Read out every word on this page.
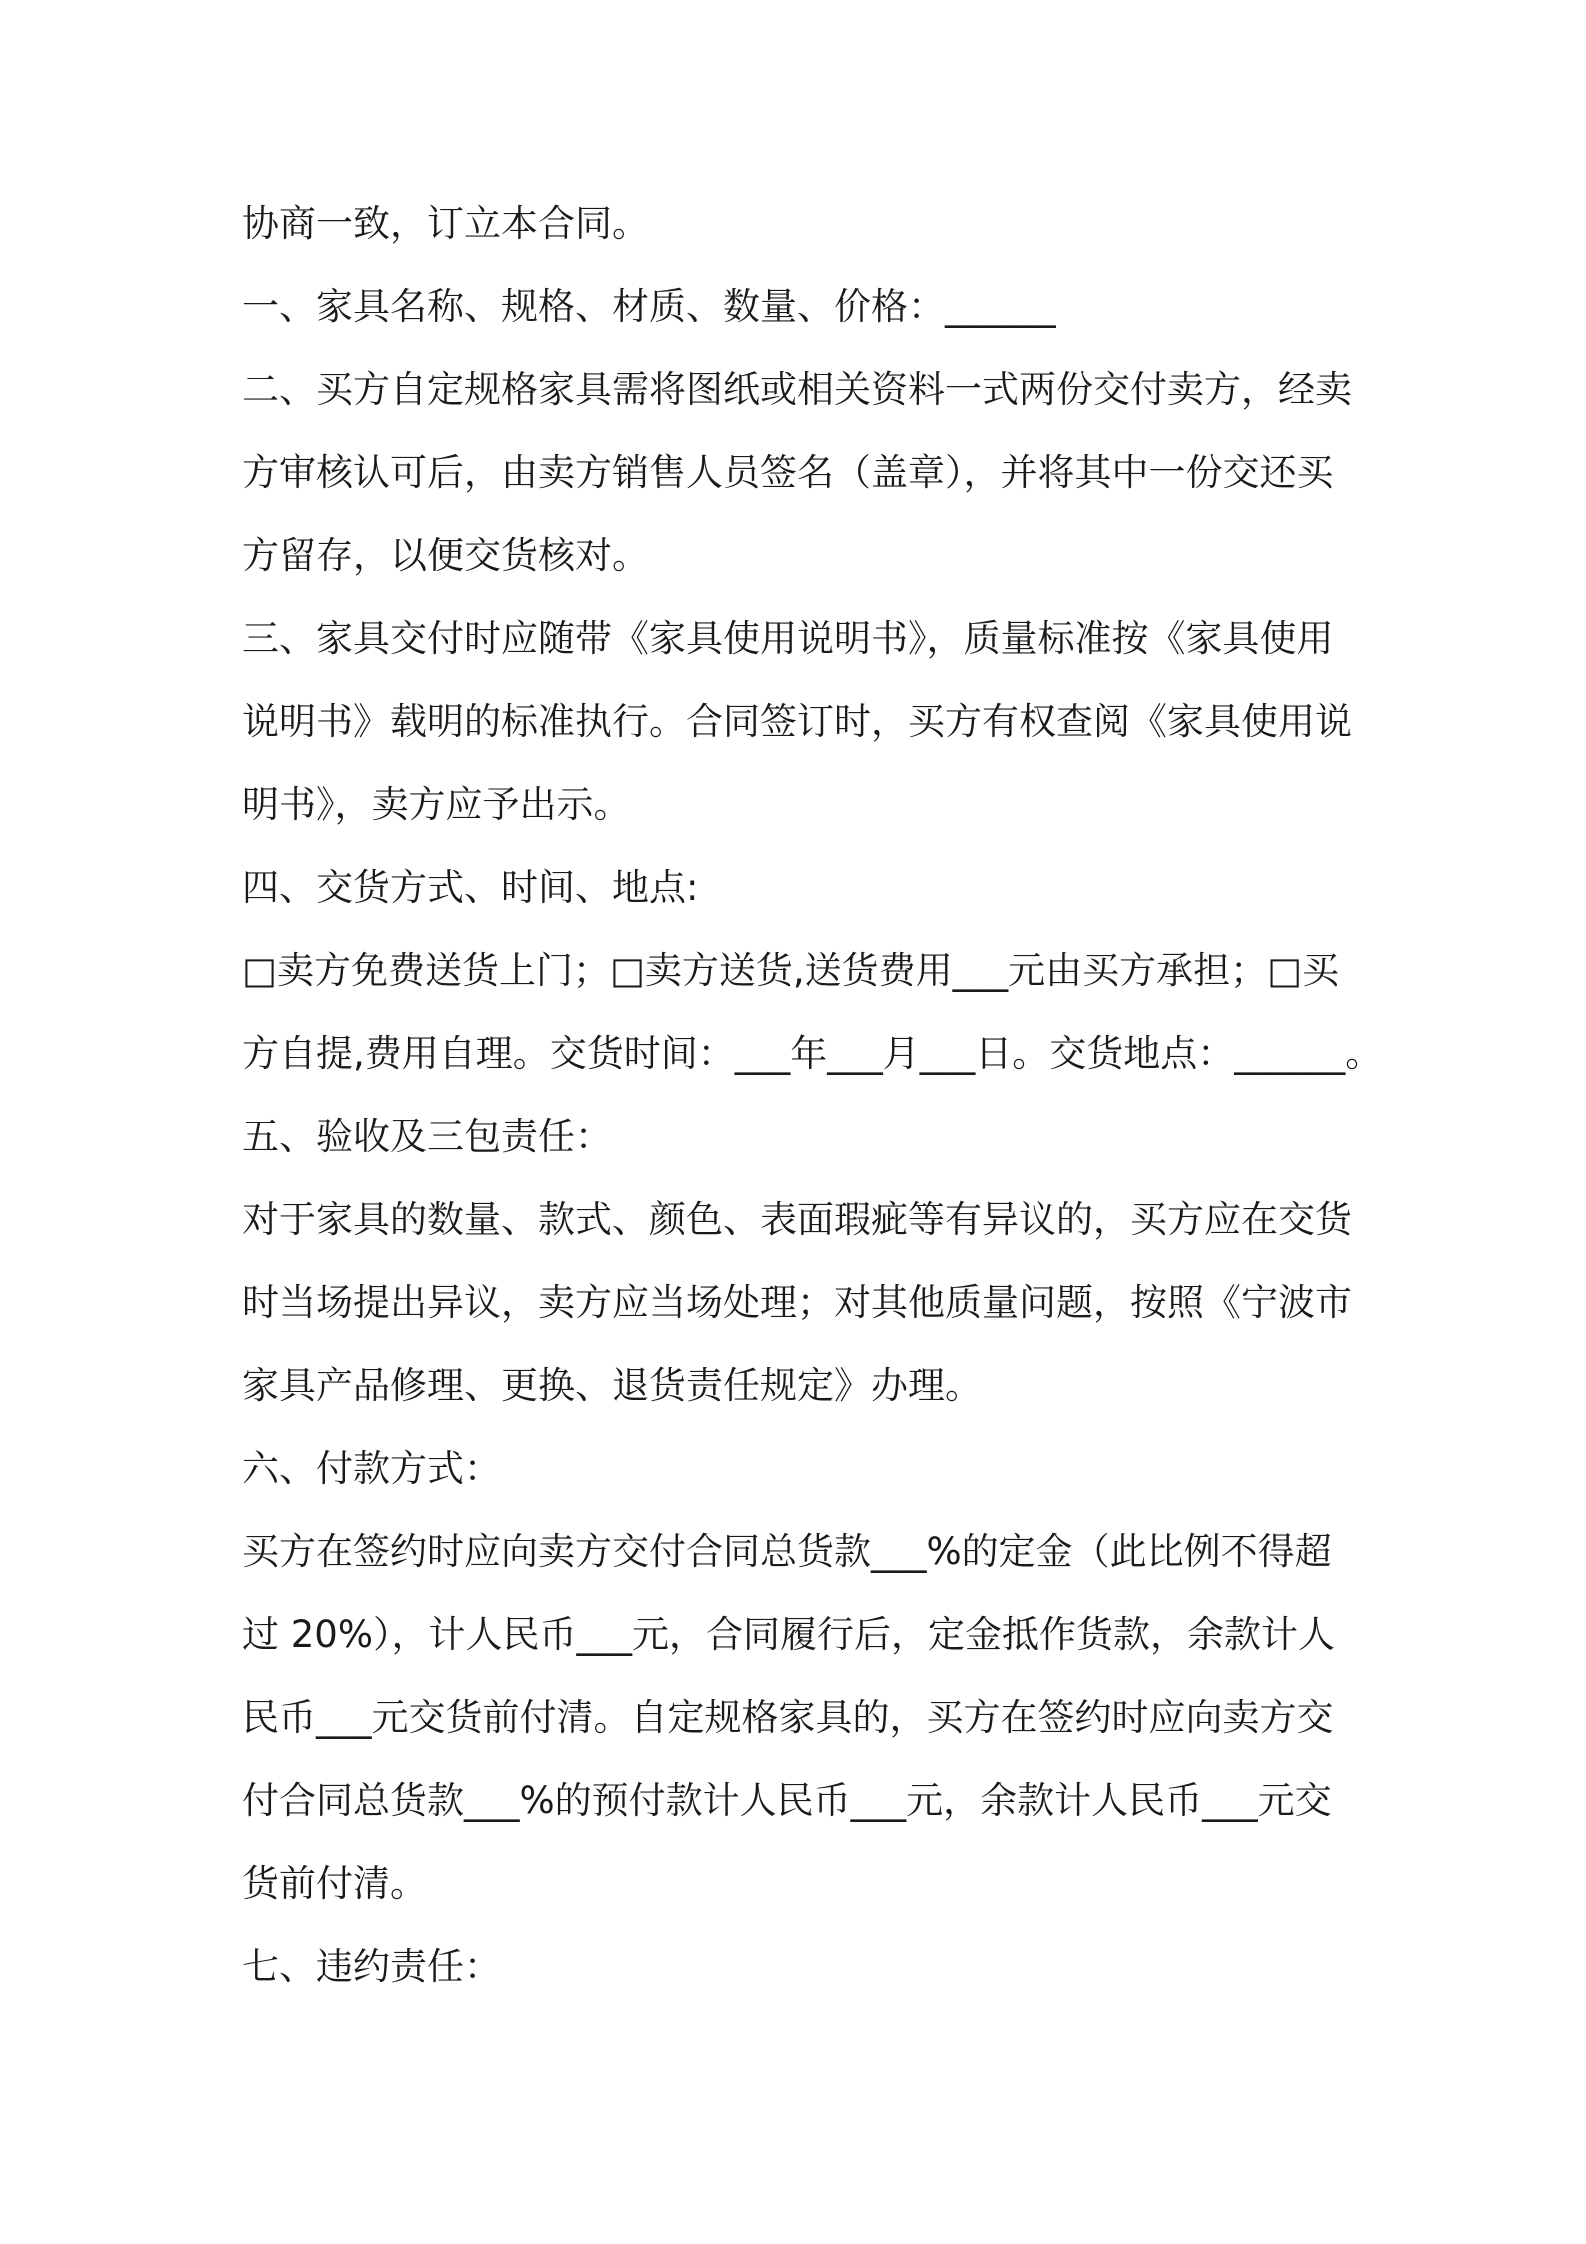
协商一致，订立本合同。
一、家具名称、规格、材质、数量、价格：______
二、买方自定规格家具需将图纸或相关资料一式两份交付卖方，经卖
方审核认可后，由卖方销售人员签名（盖章），并将其中一份交还买
方留存，以便交货核对。
三、家具交付时应随带《家具使用说明书》，质量标准按《家具使用
说明书》载明的标准执行。合同签订时，买方有权查阅《家具使用说
明书》，卖方应予出示。
四、交货方式、时间、地点:
□卖方免费送货上门；□卖方送货,送货费用___元由买方承担；□买
方自提,费用自理。交货时间：___年___月___日。交货地点：______。
五、验收及三包责任：
对于家具的数量、款式、颜色、表面瑕疵等有异议的，买方应在交货
时当场提出异议，卖方应当场处理；对其他质量问题，按照《宁波市
家具产品修理、更换、退货责任规定》办理。
六、付款方式：
买方在签约时应向卖方交付合同总货款___%的定金（此比例不得超
过 20%），计人民币___元，合同履行后，定金抵作货款，余款计人
民币___元交货前付清。自定规格家具的，买方在签约时应向卖方交
付合同总货款___%的预付款计人民币___元，余款计人民币___元交
货前付清。
七、违约责任：
